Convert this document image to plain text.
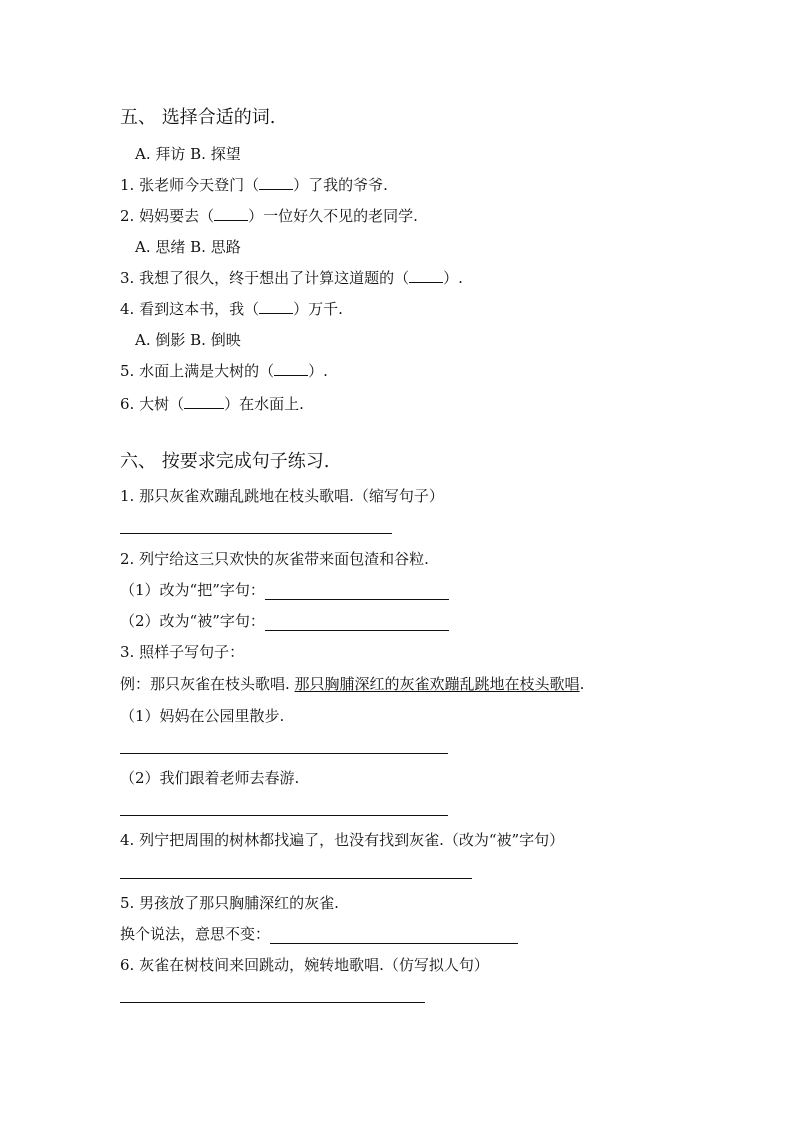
五、 选择合适的词.
A. 拜访 B. 探望
1. 张老师今天登门（ ）了我的爷爷.
2. 妈妈要去（ ）一位好久不见的老同学.
A. 思绪 B. 思路
3. 我想了很久，终于想出了计算这道题的（ ）.
4. 看到这本书，我（ ）万千.
A. 倒影 B. 倒映
5. 水面上满是大树的（ ）.
6. 大树（	）在水面上.
六、 按要求完成句子练习.
1. 那只灰雀欢蹦乱跳地在枝头歌唱.（缩写句子）
2. 列宁给这三只欢快的灰雀带来面包渣和谷粒.
（1）改为“把”字句：
（2）改为“被”字句：
3. 照样子写句子：
例：那只灰雀在枝头歌唱. 那只胸脯深红的灰雀欢蹦乱跳地在枝头歌唱.
（1）妈妈在公园里散步.
（2）我们跟着老师去春游.
4. 列宁把周围的树林都找遍了，也没有找到灰雀.（改为“被”字句）
5. 男孩放了那只胸脯深红的灰雀.
换个说法，意思不变：
6. 灰雀在树枝间来回跳动，婉转地歌唱.（仿写拟人句）
